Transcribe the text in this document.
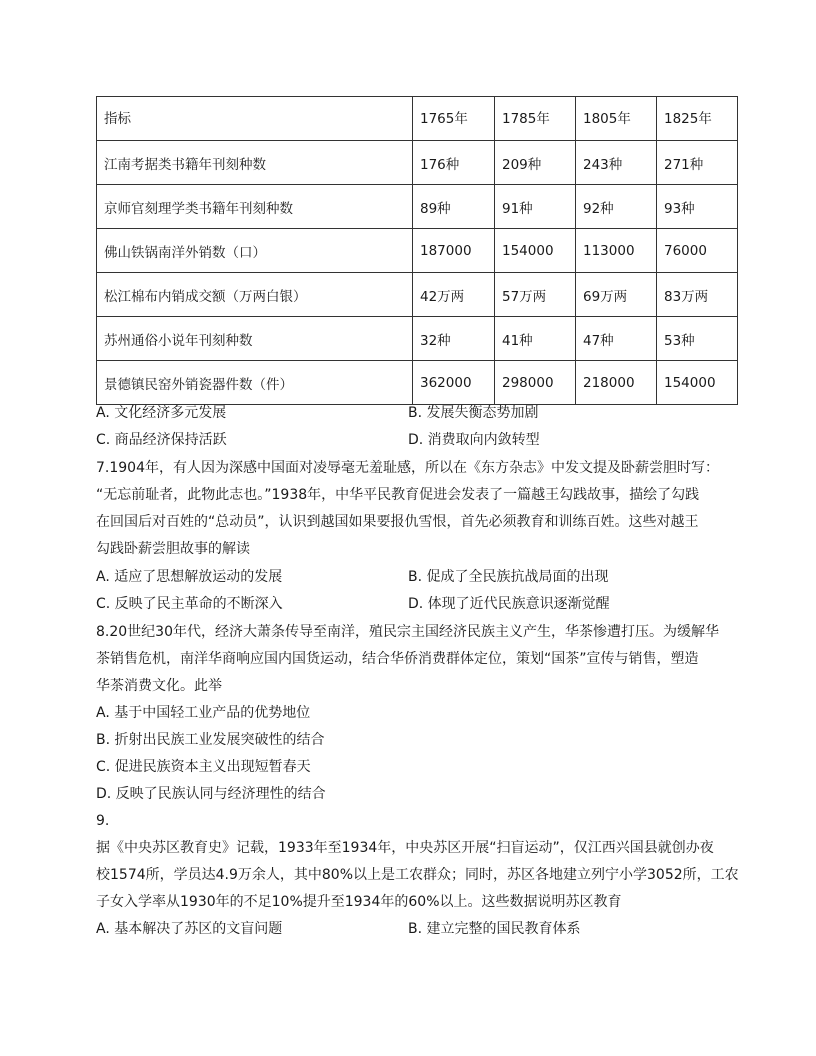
指标	1765年	1785年	1805年	1825年
江南考据类书籍年刊刻种数	176种	209种	243种	271种
京师官刻理学类书籍年刊刻种数	89种	91种	92种	93种
佛山铁锅南洋外销数（口）	187000	154000	113000	76000
松江棉布内销成交额（万两白银）	42万两	57万两	69万两	83万两
苏州通俗小说年刊刻种数	32种	41种	47种	53种
景德镇民窑外销瓷器件数（件）	362000	298000	218000	154000
A. 文化经济多元发展	B. 发展失衡态势加剧
C. 商品经济保持活跃	D. 消费取向内敛转型
7.1904年，有人因为深感中国面对凌辱毫无羞耻感，所以在《东方杂志》中发文提及卧薪尝胆时写：
“无忘前耻者，此物此志也。”1938年，中华平民教育促进会发表了一篇越王勾践故事，描绘了勾践
在回国后对百姓的“总动员”，认识到越国如果要报仇雪恨，首先必须教育和训练百姓。这些对越王
勾践卧薪尝胆故事的解读
A. 适应了思想解放运动的发展	B. 促成了全民族抗战局面的出现
C. 反映了民主革命的不断深入	D. 体现了近代民族意识逐渐觉醒
8.20世纪30年代，经济大萧条传导至南洋，殖民宗主国经济民族主义产生，华茶惨遭打压。为缓解华
茶销售危机，南洋华商响应国内国货运动，结合华侨消费群体定位，策划“国茶”宣传与销售，塑造
华茶消费文化。此举
A. 基于中国轻工业产品的优势地位
B. 折射出民族工业发展突破性的结合
C. 促进民族资本主义出现短暂春天
D. 反映了民族认同与经济理性的结合
9.
据《中央苏区教育史》记载，1933年至1934年，中央苏区开展“扫盲运动”，仅江西兴国县就创办夜
校1574所，学员达4.9万余人，其中80%以上是工农群众；同时，苏区各地建立列宁小学3052所，工农
子女入学率从1930年的不足10%提升至1934年的60%以上。这些数据说明苏区教育
A. 基本解决了苏区的文盲问题	B. 建立完整的国民教育体系
